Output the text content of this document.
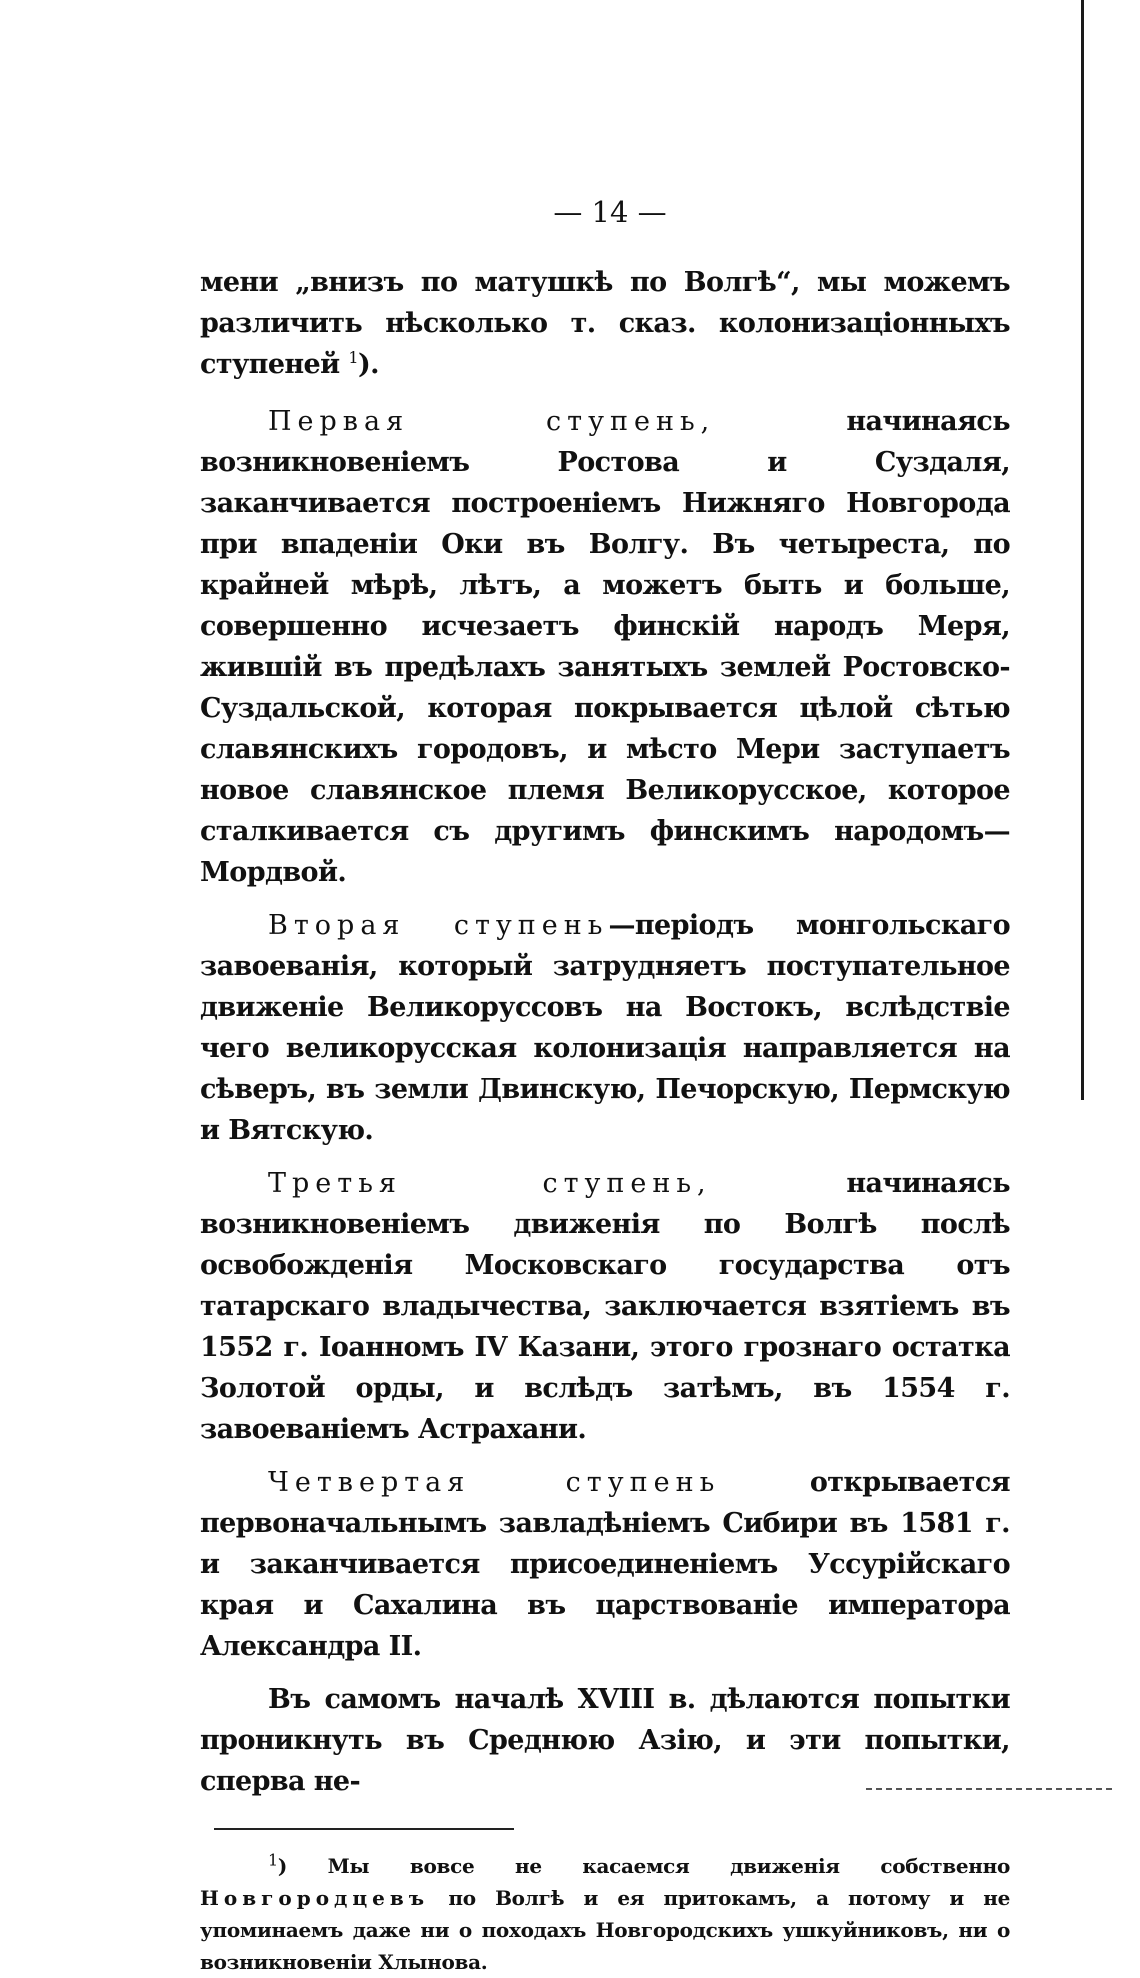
— 14 —

мени „внизъ по матушкѣ по Волгѣ“, мы можемъ различить нѣсколько т. сказ. колонизаціонныхъ ступеней $^1$).

Первая ступень, начинаясь возникновеніемъ Ростова и Суздаля, заканчивается построеніемъ Нижняго Новгорода при впаденіи Оки въ Волгу. Въ четыреста, по крайней мѣрѣ, лѣтъ, а можетъ быть и больше, совершенно исчезаетъ финскій народъ Меря, жившій въ предѣлахъ занятыхъ землей Ростовско-Суздальской, которая покрывается цѣлой сѣтью славянскихъ городовъ, и мѣсто Мери заступаетъ новое славянское племя Великорусское, которое сталкивается съ другимъ финскимъ народомъ—Мордвой.

Вторая ступень—періодъ монгольскаго завоеванія, который затрудняетъ поступательное движеніе Великоруссовъ на Востокъ, вслѣдствіе чего великорусская колонизація направляется на сѣверъ, въ земли Двинскую, Печорскую, Пермскую и Вятскую.

Третья ступень, начинаясь возникновеніемъ движенія по Волгѣ послѣ освобожденія Московскаго государства отъ татарскаго владычества, заключается взятіемъ въ 1552 г. Іоанномъ IV Казани, этого грознаго остатка Золотой орды, и вслѣдъ затѣмъ, въ 1554 г. завоеваніемъ Астрахани.

Четвертая ступень открывается первоначальнымъ завладѣніемъ Сибири въ 1581 г. и заканчивается присоединеніемъ Уссурійскаго края и Сахалина въ царствованіе императора Александра II.

Въ самомъ началѣ XVIII в. дѣлаются попытки проникнуть въ Среднюю Азію, и эти попытки, сперва не-

$^1$) Мы вовсе не касаемся движенія собственно Новгородцевъ по Волгѣ и ея притокамъ, а потому и не упоминаемъ даже ни о походахъ Новгородскихъ ушкуйниковъ, ни о возникновеніи Хлынова.
